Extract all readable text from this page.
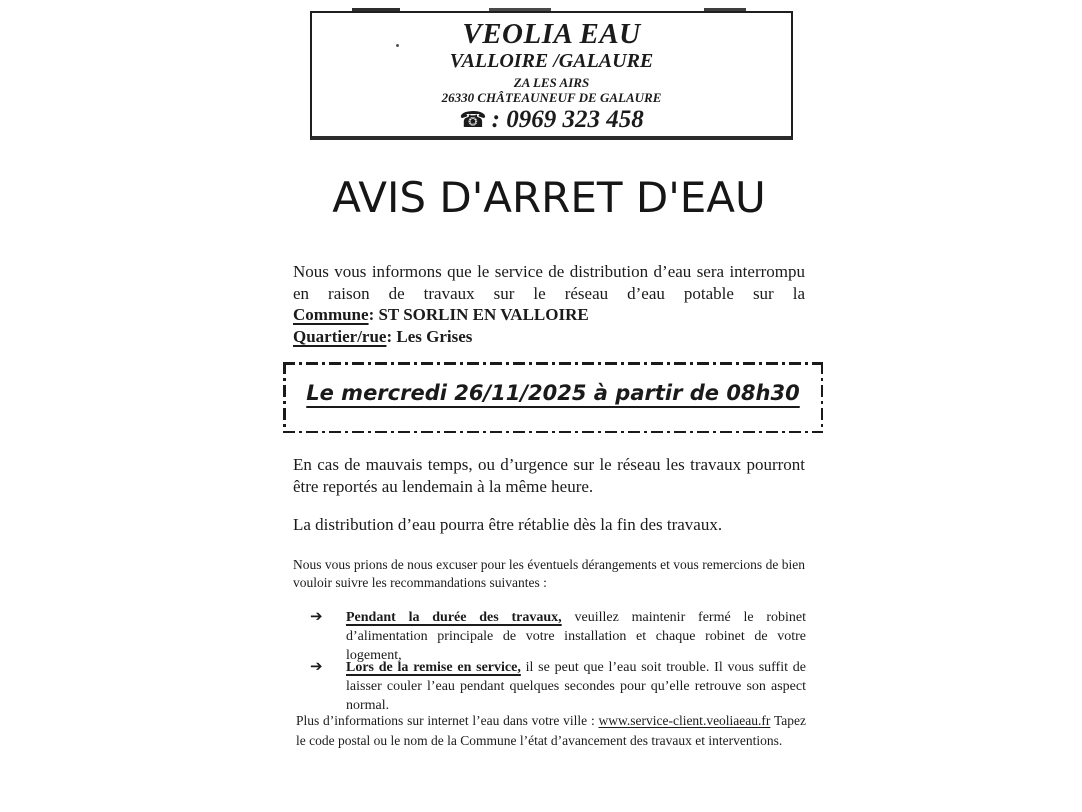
VEOLIA EAU
VALLOIRE /GALAURE
ZA LES AIRS
26330 CHÂTEAUNEUF DE GALAURE
☎ : 0969 323 458
AVIS D'ARRET D'EAU

Nous vous informons que le service de distribution d’eau sera interrompu en raison de travaux sur le réseau d’eau potable sur la

Commune: ST SORLIN EN VALLOIRE

Quartier/rue: Les Grises

Le mercredi 26/11/2025 à partir de 08h30

En cas de mauvais temps, ou d’urgence sur le réseau les travaux pourront être reportés au lendemain à la même heure.

La distribution d’eau pourra être rétablie dès la fin des travaux.

Nous vous prions de nous excuser pour les éventuels dérangements et vous remercions de bien vouloir suivre les recommandations suivantes :

➔ Pendant la durée des travaux, veuillez maintenir fermé le robinet d’alimentation principale de votre installation et chaque robinet de votre logement,
➔ Lors de la remise en service, il se peut que l’eau soit trouble. Il vous suffit de laisser couler l’eau pendant quelques secondes pour qu’elle retrouve son aspect normal.
Plus d’informations sur internet l’eau dans votre ville : www.service-client.veoliaeau.fr Tapez le code postal ou le nom de la Commune l’état d’avancement des travaux et interventions.
